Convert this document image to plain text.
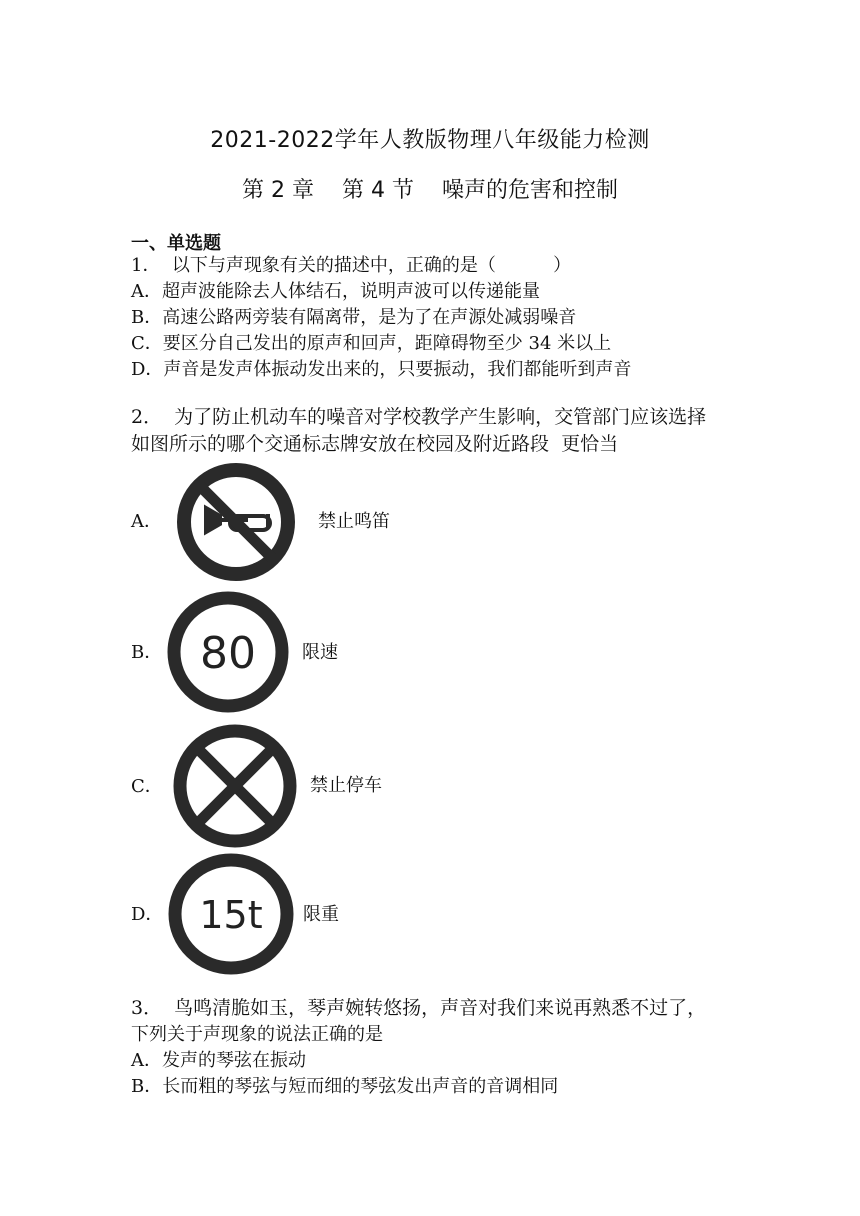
2021-2022学年人教版物理八年级能力检测
第 2 章    第 4 节    噪声的危害和控制
一、单选题
1．  以下与声现象有关的描述中，正确的是（          ）
A．超声波能除去人体结石，说明声波可以传递能量
B．高速公路两旁装有隔离带，是为了在声源处减弱噪音
C．要区分自己发出的原声和回声，距障碍物至少 34 米以上
D．声音是发声体振动发出来的，只要振动，我们都能听到声音
2．  为了防止机动车的噪音对学校教学产生影响，交管部门应该选择
如图所示的哪个交通标志牌安放在校园及附近路段  更恰当
A．	禁止鸣笛
B． 80	限速
C．	禁止停车
D． 15t 限重
3．  鸟鸣清脆如玉，琴声婉转悠扬，声音对我们来说再熟悉不过了，
下列关于声现象的说法正确的是
A．发声的琴弦在振动
B．长而粗的琴弦与短而细的琴弦发出声音的音调相同
